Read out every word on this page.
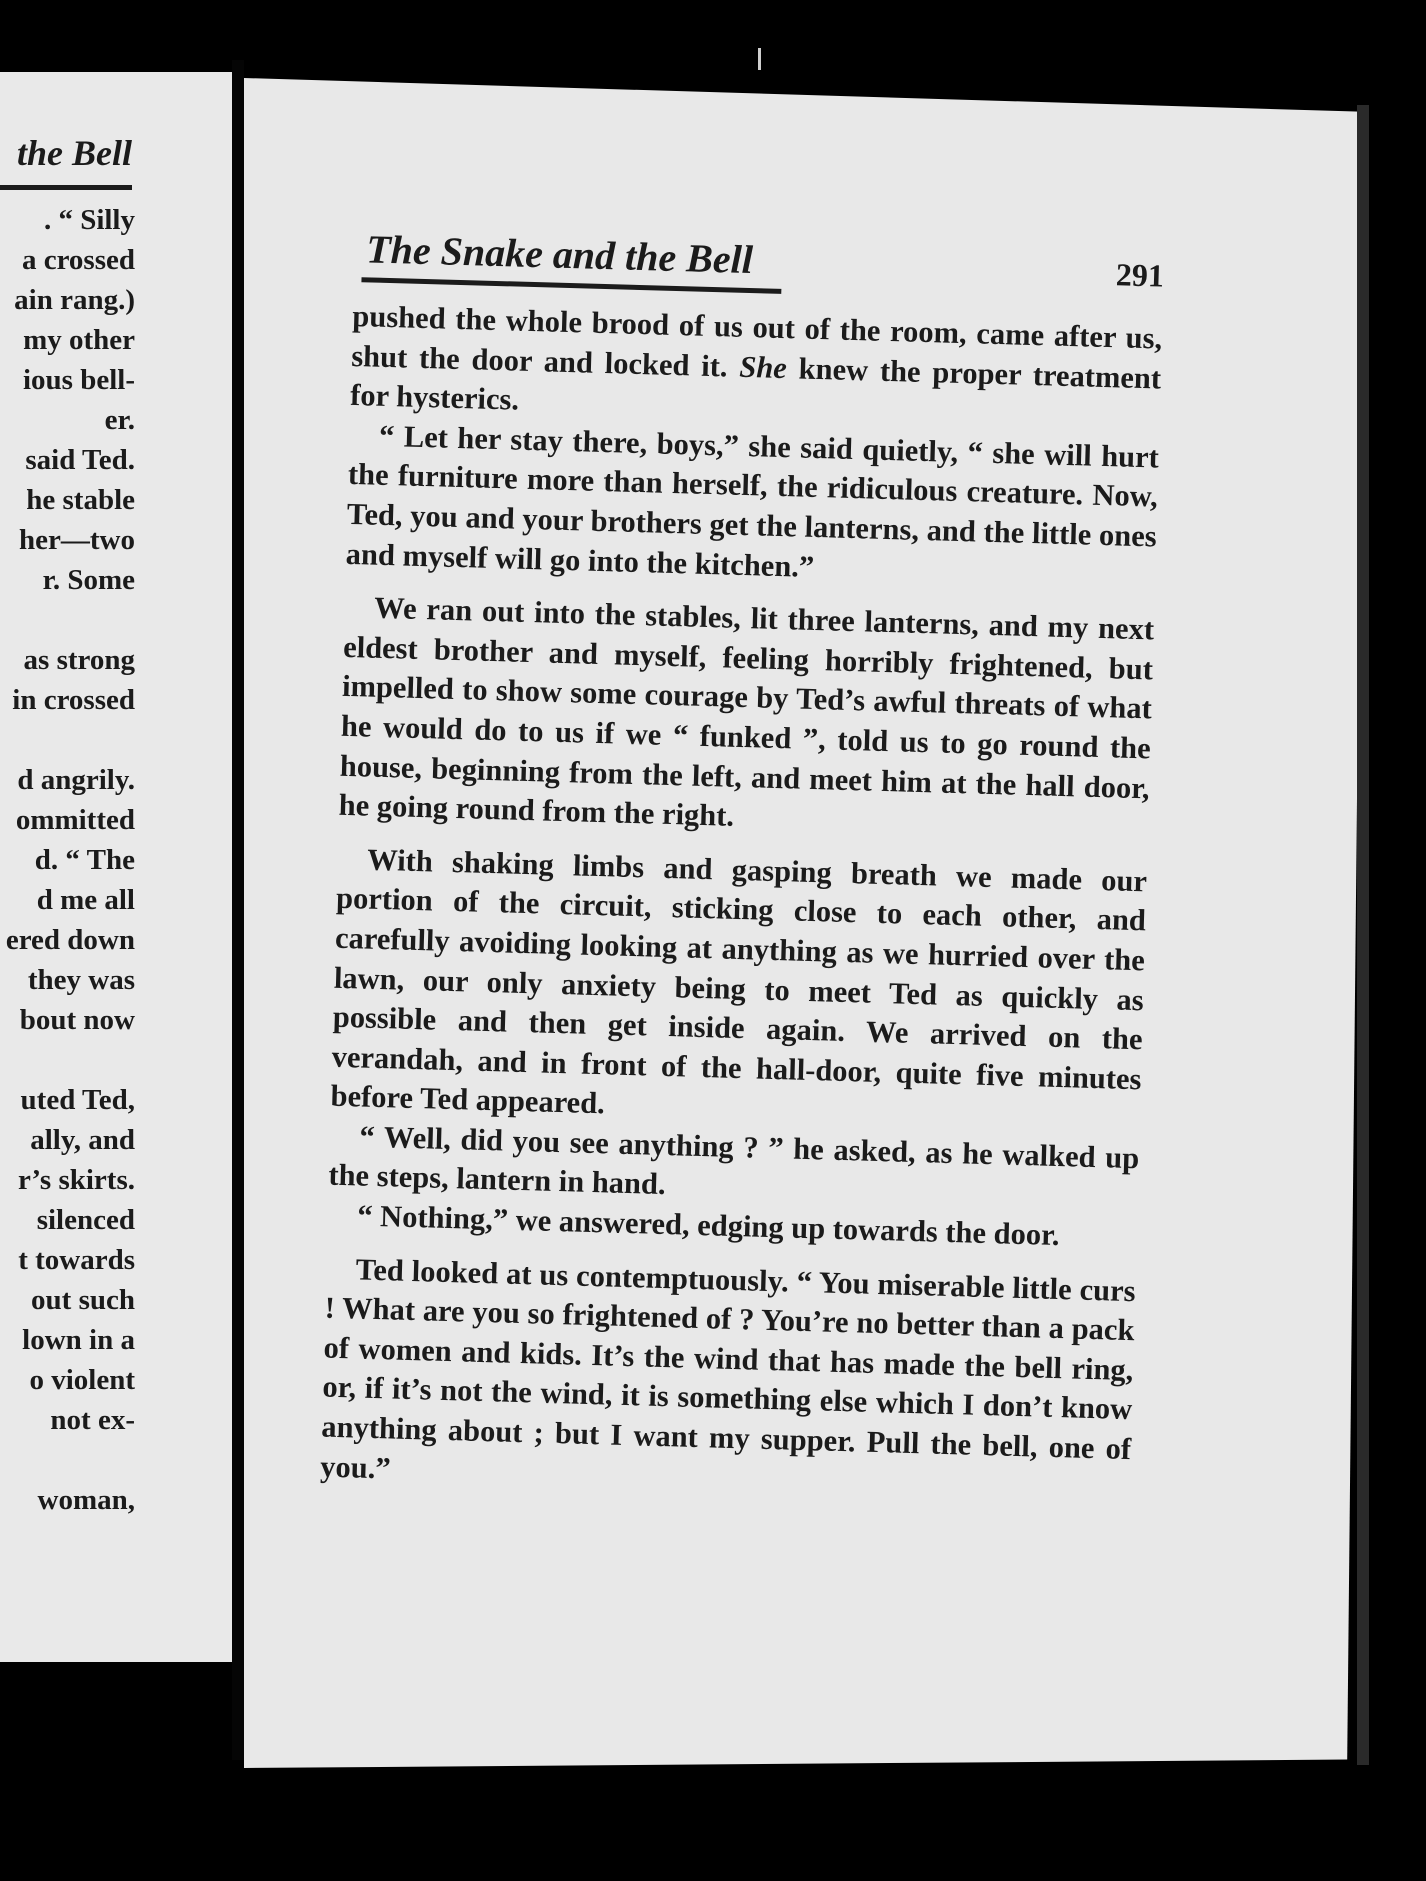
the Bell
. “ Silly
a crossed
ain rang.)
my other
ious bell-
er.
said Ted.
he stable
her—two
r. Some
as strong
in crossed
d angrily.
ommitted
d. “ The
d me all
ered down
they was
bout now
uted Ted,
ally, and
r’s skirts.
silenced
t towards
out such
lown in a
o violent
not ex-
woman,
The Snake and the Bell	291

pushed the whole brood of us out of the room, came after us, shut the door and locked it. She knew the proper treatment for hysterics.

“ Let her stay there, boys,” she said quietly, “ she will hurt the furniture more than herself, the ridiculous creature. Now, Ted, you and your brothers get the lanterns, and the little ones and myself will go into the kitchen.”

We ran out into the stables, lit three lanterns, and my next eldest brother and myself, feeling horribly frightened, but impelled to show some courage by Ted’s awful threats of what he would do to us if we “ funked ”, told us to go round the house, beginning from the left, and meet him at the hall door, he going round from the right.

With shaking limbs and gasping breath we made our portion of the circuit, sticking close to each other, and carefully avoiding looking at anything as we hurried over the lawn, our only anxiety being to meet Ted as quickly as possible and then get inside again. We arrived on the verandah, and in front of the hall-door, quite five minutes before Ted appeared.

“ Well, did you see anything ? ” he asked, as he walked up the steps, lantern in hand.

“ Nothing,” we answered, edging up towards the door.

Ted looked at us contemptuously. “ You miserable little curs ! What are you so frightened of ? You’re no better than a pack of women and kids. It’s the wind that has made the bell ring, or, if it’s not the wind, it is something else which I don’t know anything about ; but I want my supper. Pull the bell, one of you.”
